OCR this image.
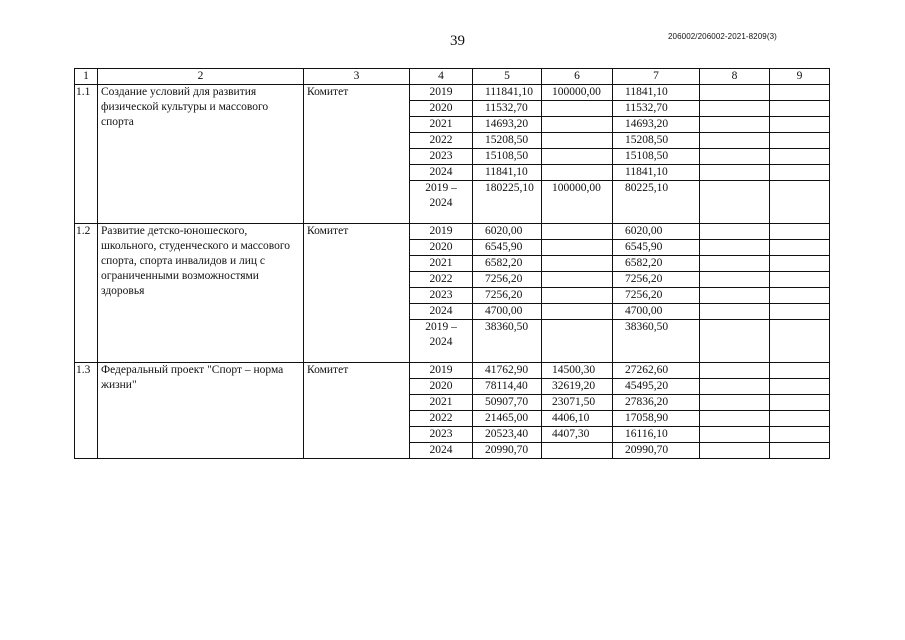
206002/206002-2021-8209(3)
39
1	2	3	4	5	6	7	8	9
1.1	Создание условий для развития физической культуры и массового спорта	Комитет	2019	111841,10	100000,00	11841,10		
			2020	11532,70		11532,70		
			2021	14693,20		14693,20		
			2022	15208,50		15208,50		
			2023	15108,50		15108,50		
			2024	11841,10		11841,10		
			2019 – 2024	180225,10	100000,00	80225,10		
1.2	Развитие детско-юношеского, школьного, студенческого и массового спорта, спорта инвалидов и лиц с ограниченными возможностями здоровья	Комитет	2019	6020,00		6020,00		
			2020	6545,90		6545,90		
			2021	6582,20		6582,20		
			2022	7256,20		7256,20		
			2023	7256,20		7256,20		
			2024	4700,00		4700,00		
			2019 – 2024	38360,50		38360,50		
1.3	Федеральный проект "Спорт – норма жизни"	Комитет	2019	41762,90	14500,30	27262,60		
			2020	78114,40	32619,20	45495,20		
			2021	50907,70	23071,50	27836,20		
			2022	21465,00	4406,10	17058,90		
			2023	20523,40	4407,30	16116,10		
			2024	20990,70		20990,70		
